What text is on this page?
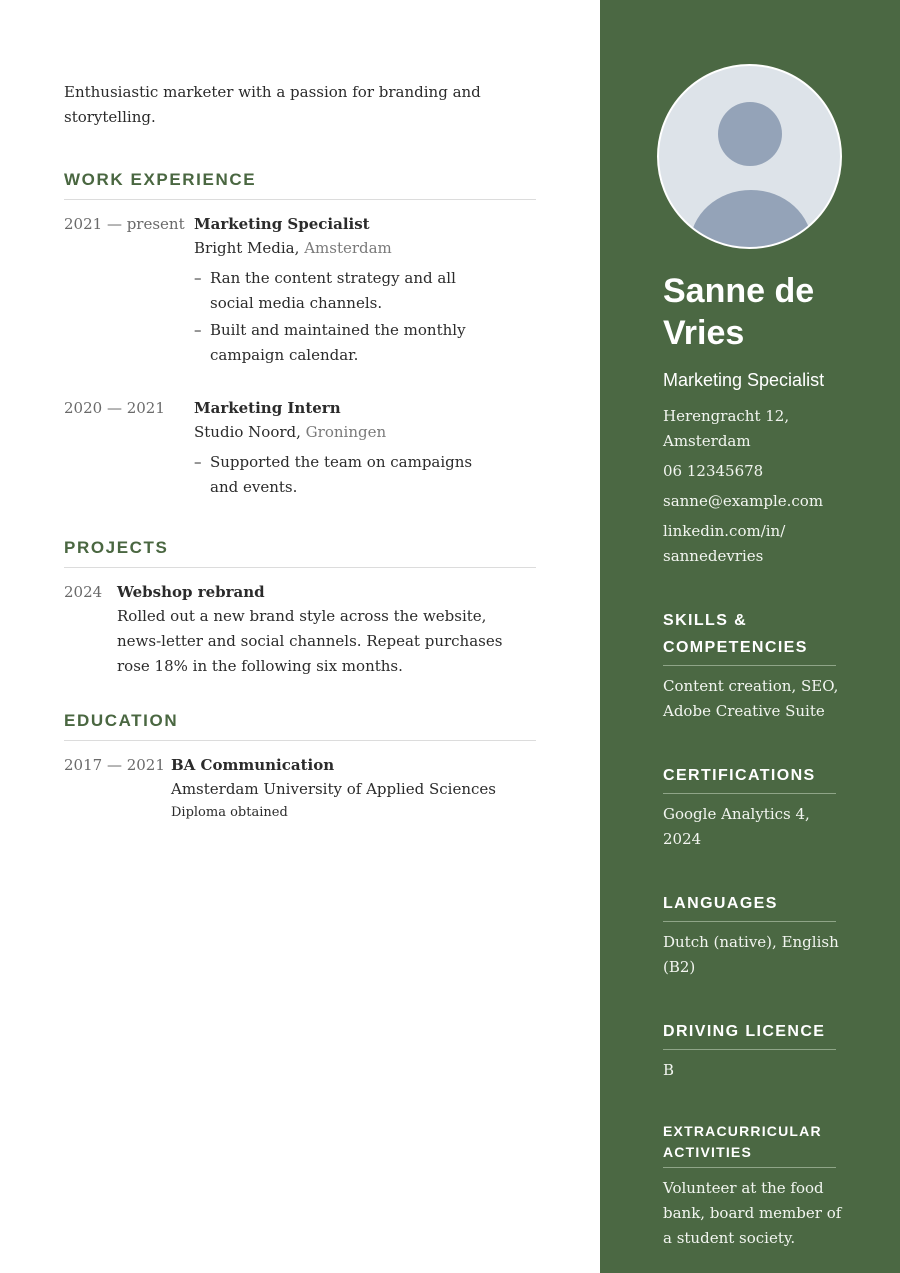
Enthusiastic marketer with a passion for branding and storytelling.

WORK EXPERIENCE
2021 — present Marketing Specialist
Bright Media, Amsterdam
– Ran the content strategy and all social media channels.
– Built and maintained the monthly campaign calendar.
2020 — 2021	Marketing Intern
Studio Noord, Groningen
– Supported the team on campaigns and events.
PROJECTS
2024 Webshop rebrand

Rolled out a new brand style across the website, news-letter and social channels. Repeat purchases rose 18% in the following six months.

EDUCATION
2017 — 2021 BA Communication
Amsterdam University of Applied Sciences
Diploma obtained
Sanne de Vries
Marketing Specialist
Herengracht 12, Amsterdam
06 12345678
sanne@example.com
linkedin.com/in/ sannedevries
SKILLS & COMPETENCIES

Content creation, SEO, Adobe Creative Suite

CERTIFICATIONS

Google Analytics 4, 2024

LANGUAGES

Dutch (native), English (B2)

DRIVING LICENCE

B

EXTRACURRICULAR ACTIVITIES

Volunteer at the food bank, board member of a student society.
